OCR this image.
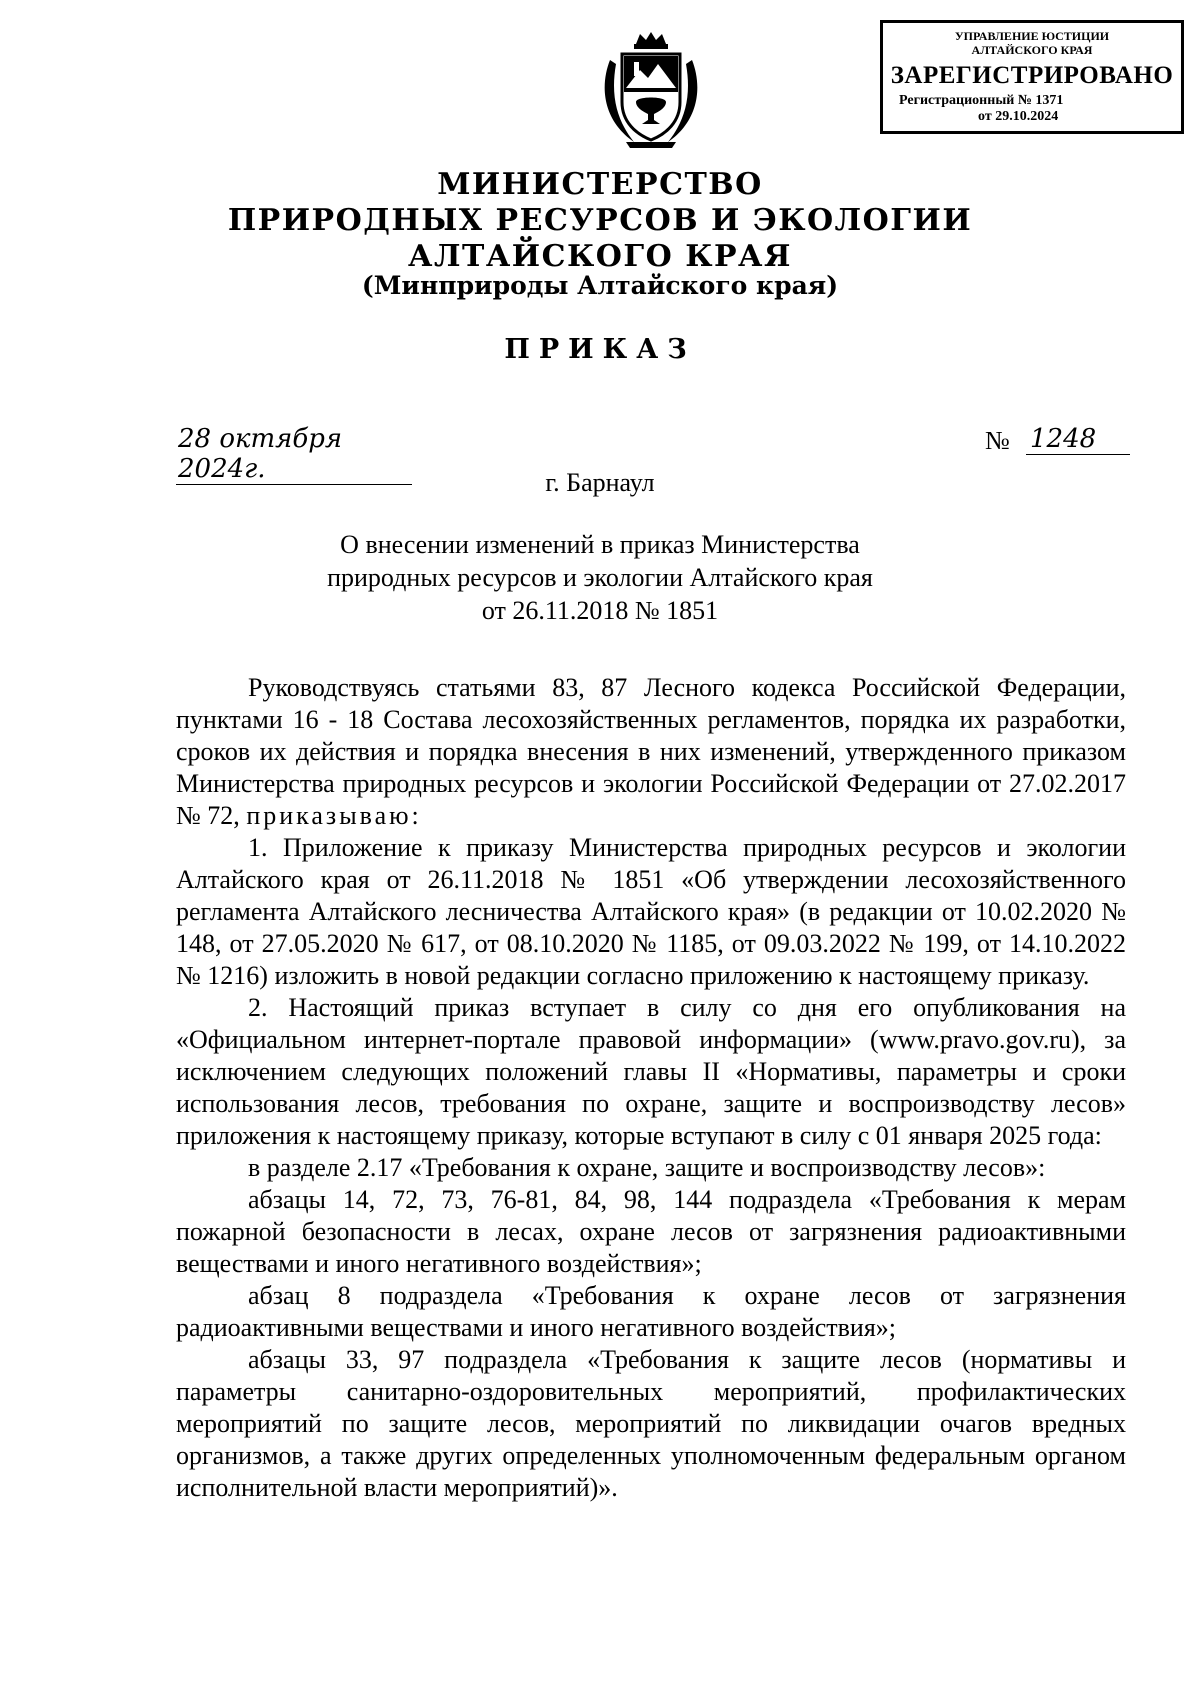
УПРАВЛЕНИЕ ЮСТИЦИИ
АЛТАЙСКОГО КРАЯ
ЗАРЕГИСТРИРОВАНО
Регистрационный № 1371
от 29.10.2024
МИНИСТЕРСТВО
ПРИРОДНЫХ РЕСУРСОВ И ЭКОЛОГИИ
АЛТАЙСКОГО КРАЯ
(Минприроды Алтайского края)
ПРИКАЗ
28 октября 2024г.
№ 1248
г. Барнаул
О внесении изменений в приказ Министерства
природных ресурсов и экологии Алтайского края
от 26.11.2018 № 1851

Руководствуясь статьями 83, 87 Лесного кодекса Российской Федерации, пунктами 16 - 18 Состава лесохозяйственных регламентов, порядка их разработки, сроков их действия и порядка внесения в них изменений, утвержденного приказом Министерства природных ресурсов и экологии Российской Федерации от 27.02.2017 № 72, приказываю:

1. Приложение к приказу Министерства природных ресурсов и экологии Алтайского края от 26.11.2018 № 1851 «Об утверждении лесохозяйственного регламента Алтайского лесничества Алтайского края» (в редакции от 10.02.2020 № 148, от 27.05.2020 № 617, от 08.10.2020 № 1185, от 09.03.2022 № 199, от 14.10.2022 № 1216) изложить в новой редакции согласно приложению к настоящему приказу.

2. Настоящий приказ вступает в силу со дня его опубликования на «Официальном интернет-портале правовой информации» (www.pravo.gov.ru), за исключением следующих положений главы II «Нормативы, параметры и сроки использования лесов, требования по охране, защите и воспроизводству лесов» приложения к настоящему приказу, которые вступают в силу с 01 января 2025 года:

в разделе 2.17 «Требования к охране, защите и воспроизводству лесов»:

абзацы 14, 72, 73, 76-81, 84, 98, 144 подраздела «Требования к мерам пожарной безопасности в лесах, охране лесов от загрязнения радиоактивными веществами и иного негативного воздействия»;

абзац 8 подраздела «Требования к охране лесов от загрязнения радиоактивными веществами и иного негативного воздействия»;

абзацы 33, 97 подраздела «Требования к защите лесов (нормативы и параметры санитарно-оздоровительных мероприятий, профилактических мероприятий по защите лесов, мероприятий по ликвидации очагов вредных организмов, а также других определенных уполномоченным федеральным органом исполнительной власти мероприятий)».
